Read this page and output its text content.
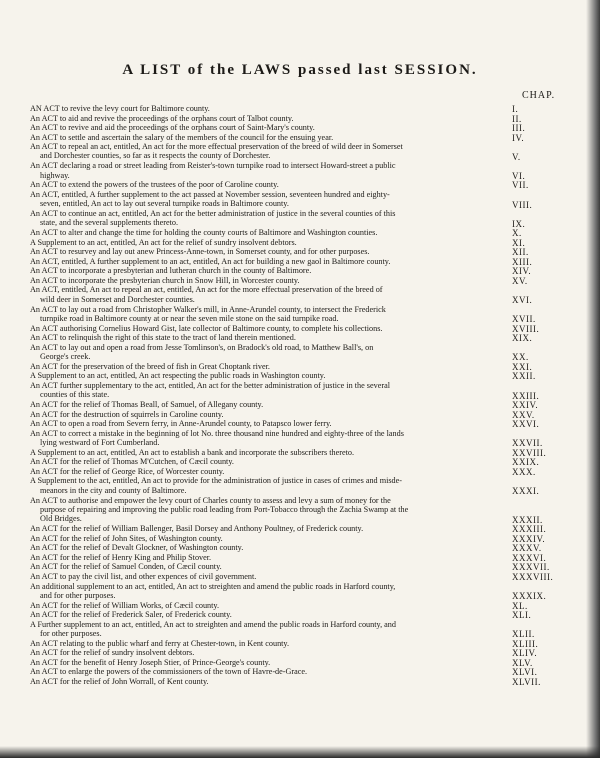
A LIST of the LAWS passed last SESSION.
CHAP.
AN ACT to revive the levy court for Baltimore county.	I.
An ACT to aid and revive the proceedings of the orphans court of Talbot county.	II.
An ACT to revive and aid the proceedings of the orphans court of Saint-Mary's county.	III.
An ACT to settle and ascertain the salary of the members of the council for the ensuing year.	IV.
An ACT to repeal an act, entitled, An act for the more effectual preservation of the breed of wild deer in Somerset
and Dorchester counties, so far as it respects the county of Dorchester.	V.
An ACT declaring a road or street leading from Reister's-town turnpike road to intersect Howard-street a public
highway.	VI.
An ACT to extend the powers of the trustees of the poor of Caroline county.	VII.
An ACT, entitled, A further supplement to the act passed at November session, seventeen hundred and eighty-
seven, entitled, An act to lay out several turnpike roads in Baltimore county.	VIII.
An ACT to continue an act, entitled, An act for the better administration of justice in the several counties of this
state, and the several supplements thereto.	IX.
An ACT to alter and change the time for holding the county courts of Baltimore and Washington counties.	X.
A Supplement to an act, entitled, An act for the relief of sundry insolvent debtors.	XI.
An ACT to resurvey and lay out anew Princess-Anne-town, in Somerset county, and for other purposes.	XII.
An ACT, entitled, A further supplement to an act, entitled, An act for building a new gaol in Baltimore county.	XIII.
An ACT to incorporate a presbyterian and lutheran church in the county of Baltimore.	XIV.
An ACT to incorporate the presbyterian church in Snow Hill, in Worcester county.	XV.
An ACT, entitled, An act to repeal an act, entitled, An act for the more effectual preservation of the breed of
wild deer in Somerset and Dorchester counties.	XVI.
An ACT to lay out a road from Christopher Walker's mill, in Anne-Arundel county, to intersect the Frederick
turnpike road in Baltimore county at or near the seven mile stone on the said turnpike road.	XVII.
An ACT authorising Cornelius Howard Gist, late collector of Baltimore county, to complete his collections.	XVIII.
An ACT to relinquish the right of this state to the tract of land therein mentioned.	XIX.
An ACT to lay out and open a road from Jesse Tomlinson's, on Bradock's old road, to Matthew Ball's, on
George's creek.	XX.
An ACT for the preservation of the breed of fish in Great Choptank river.	XXI.
A Supplement to an act, entitled, An act respecting the public roads in Washington county.	XXII.
An ACT further supplementary to the act, entitled, An act for the better administration of justice in the several
counties of this state.	XXIII.
An ACT for the relief of Thomas Beall, of Samuel, of Allegany county.	XXIV.
An ACT for the destruction of squirrels in Caroline county.	XXV.
An ACT to open a road from Severn ferry, in Anne-Arundel county, to Patapsco lower ferry.	XXVI.
An ACT to correct a mistake in the beginning of lot No. three thousand nine hundred and eighty-three of the lands
lying westward of Fort Cumberland.	XXVII.
A Supplement to an act, entitled, An act to establish a bank and incorporate the subscribers thereto.	XXVIII.
An ACT for the relief of Thomas M'Cutchen, of Cæcil county.	XXIX.
An ACT for the relief of George Rice, of Worcester county.	XXX.
A Supplement to the act, entitled, An act to provide for the administration of justice in cases of crimes and misde-
meanors in the city and county of Baltimore.	XXXI.
An ACT to authorise and empower the levy court of Charles county to assess and levy a sum of money for the
purpose of repairing and improving the public road leading from Port-Tobacco through the Zachia Swamp at the
Old Bridges.	XXXII.
An ACT for the relief of William Ballenger, Basil Dorsey and Anthony Poultney, of Frederick county.	XXXIII.
An ACT for the relief of John Sites, of Washington county.	XXXIV.
An ACT for the relief of Devalt Glockner, of Washington county.	XXXV.
An ACT for the relief of Henry King and Philip Stover.	XXXVI.
An ACT for the relief of Samuel Conden, of Cæcil county.	XXXVII.
An ACT to pay the civil list, and other expences of civil government.	XXXVIII.
An additional supplement to an act, entitled, An act to streighten and amend the public roads in Harford county,
and for other purposes.	XXXIX.
An ACT for the relief of William Works, of Cæcil county.	XL.
An ACT for the relief of Frederick Saler, of Frederick county.	XLI.
A Further supplement to an act, entitled, An act to streighten and amend the public roads in Harford county, and
for other purposes.	XLII.
An ACT relating to the public wharf and ferry at Chester-town, in Kent county.	XLIII.
An ACT for the relief of sundry insolvent debtors.	XLIV.
An ACT for the benefit of Henry Joseph Stier, of Prince-George's county.	XLV.
An ACT to enlarge the powers of the commissioners of the town of Havre-de-Grace.	XLVI.
An ACT for the relief of John Worrall, of Kent county.	XLVII.
